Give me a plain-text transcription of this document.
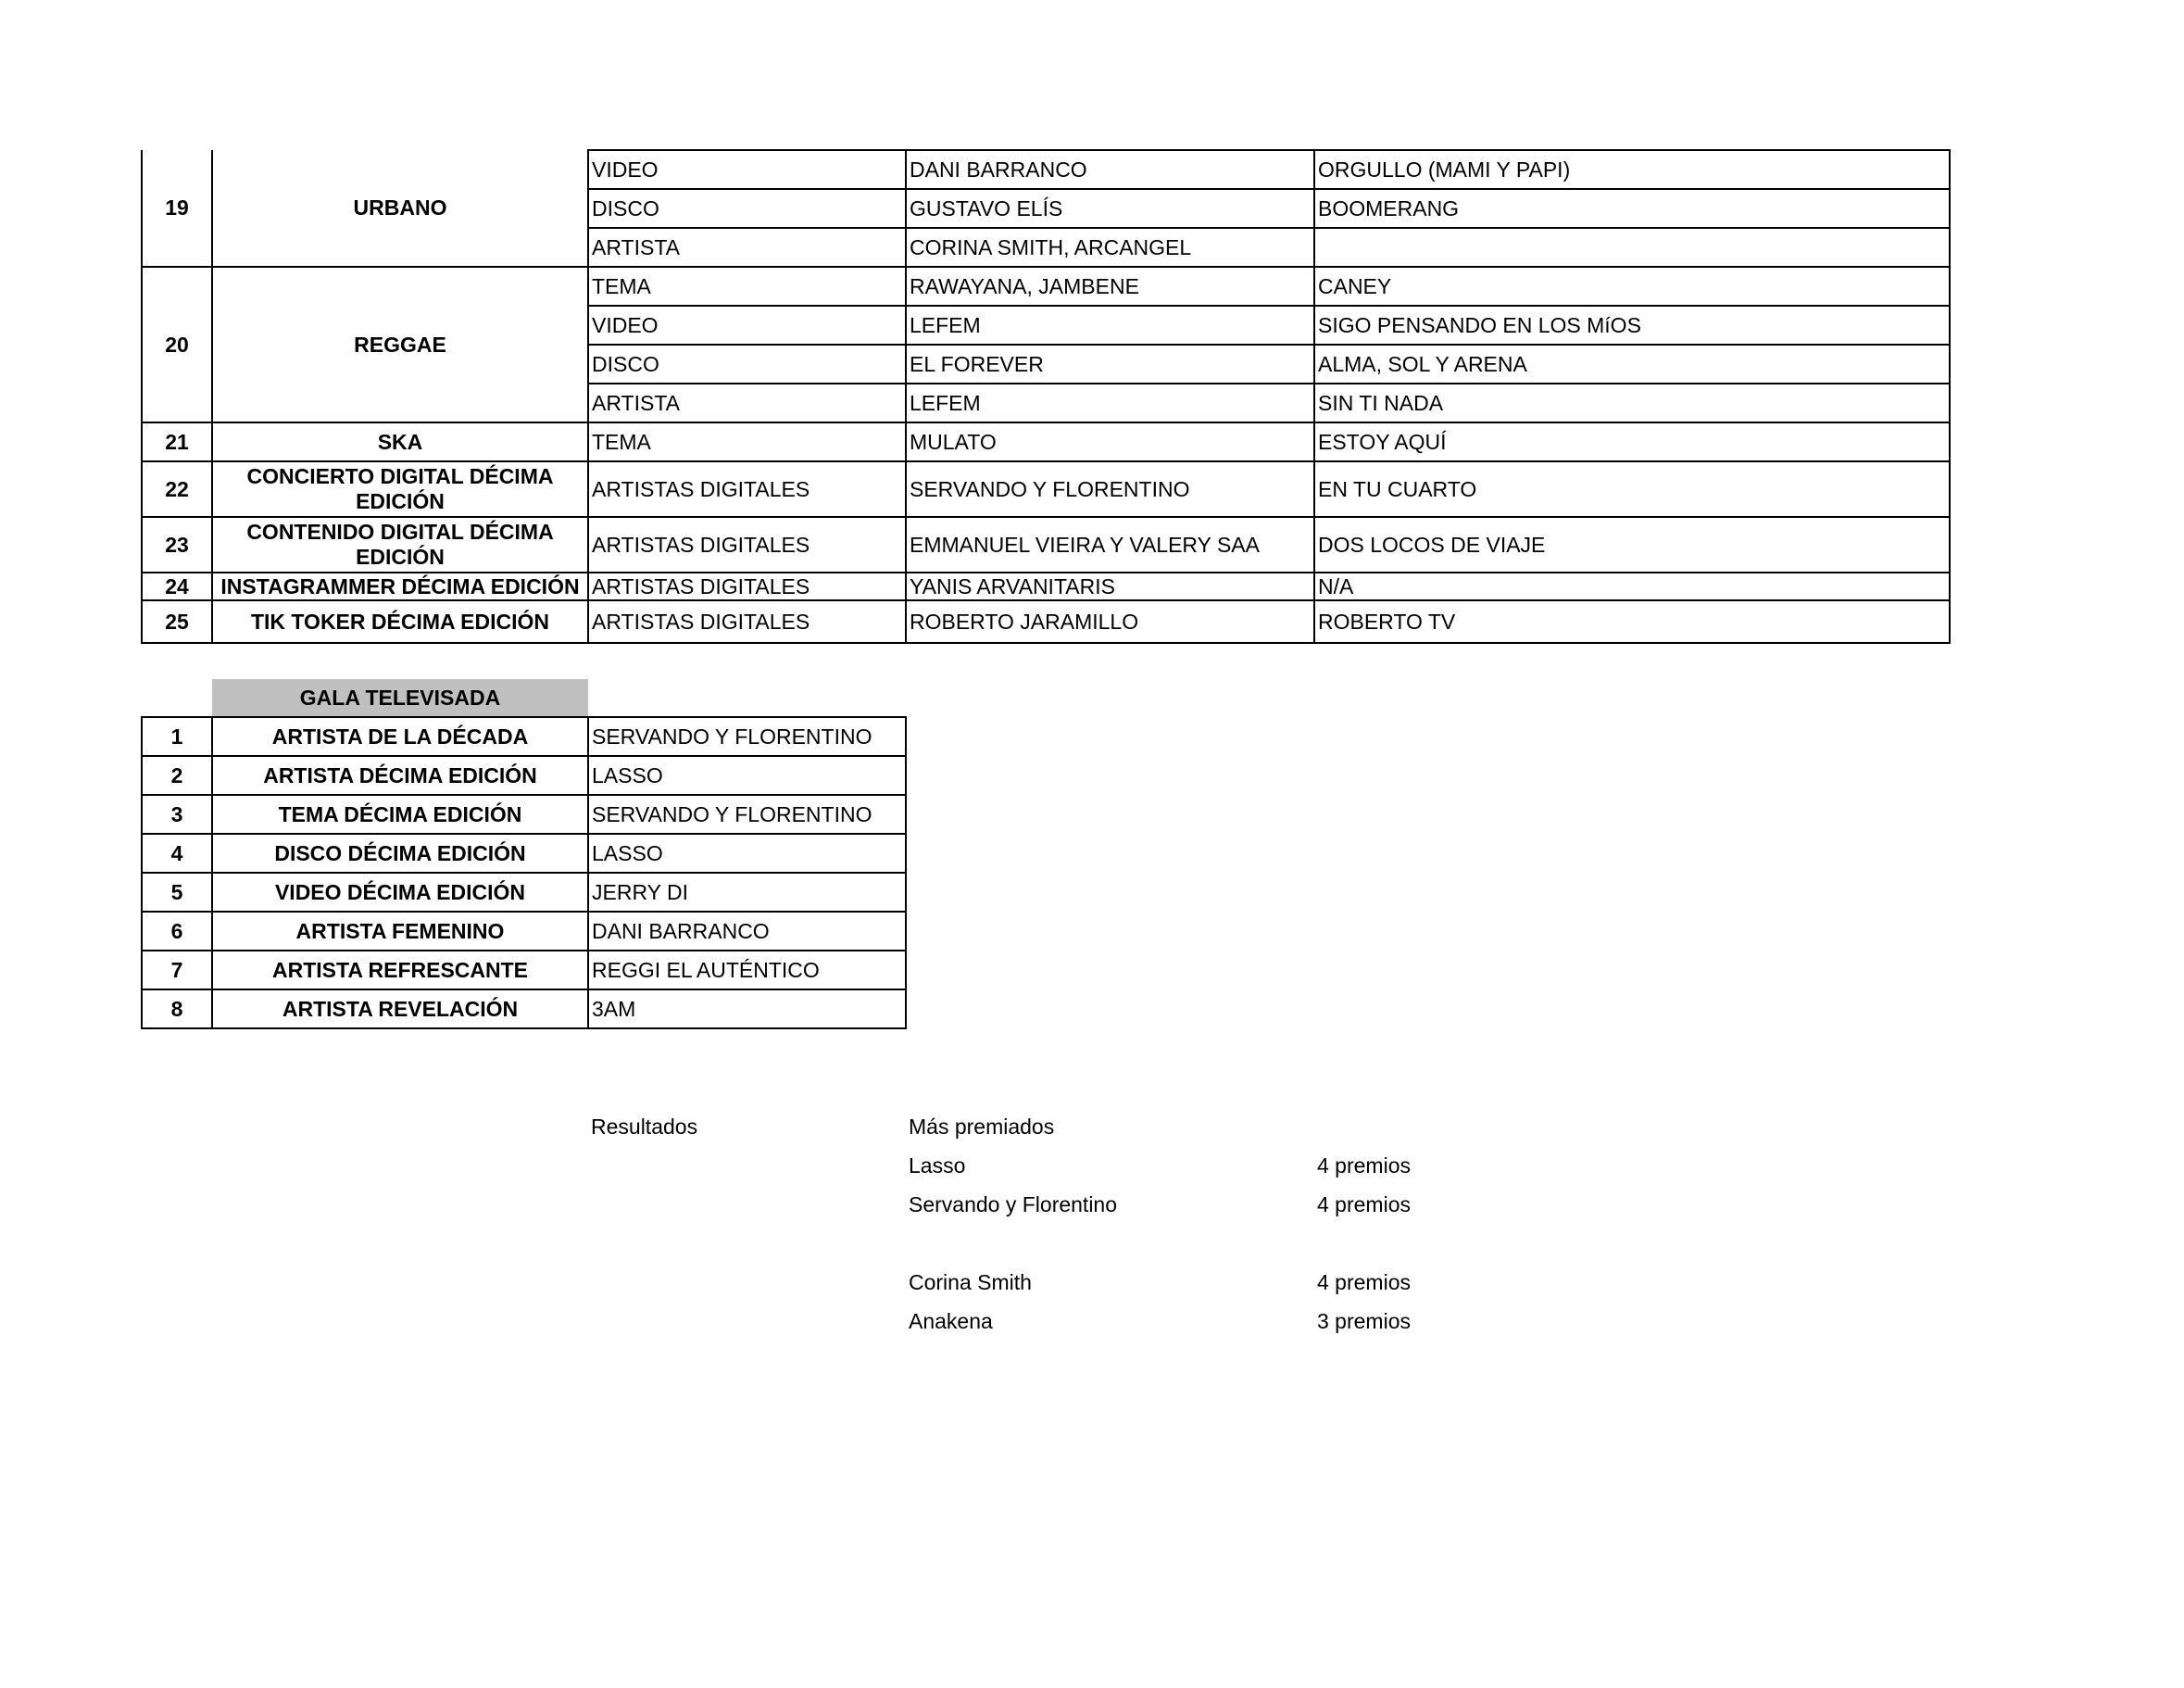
19	URBANO	VIDEO	DANI BARRANCO	ORGULLO (MAMI Y PAPI)
		DISCO	GUSTAVO ELÍS	BOOMERANG
		ARTISTA	CORINA SMITH, ARCANGEL	
20	REGGAE	TEMA	RAWAYANA, JAMBENE	CANEY
		VIDEO	LEFEM	SIGO PENSANDO EN LOS MíOS
		DISCO	EL FOREVER	ALMA, SOL Y ARENA
		ARTISTA	LEFEM	SIN TI NADA
21	SKA	TEMA	MULATO	ESTOY AQUÍ
22	CONCIERTO DIGITAL DÉCIMA EDICIÓN	ARTISTAS DIGITALES	SERVANDO Y FLORENTINO	EN TU CUARTO
23	CONTENIDO DIGITAL DÉCIMA EDICIÓN	ARTISTAS DIGITALES	EMMANUEL VIEIRA Y VALERY SAA	DOS LOCOS DE VIAJE
24	INSTAGRAMMER DÉCIMA EDICIÓN	ARTISTAS DIGITALES	YANIS ARVANITARIS	N/A
25	TIK TOKER DÉCIMA EDICIÓN	ARTISTAS DIGITALES	ROBERTO JARAMILLO	ROBERTO TV
	GALA TELEVISADA	
1	ARTISTA DE LA DÉCADA	SERVANDO Y FLORENTINO
2	ARTISTA DÉCIMA EDICIÓN	LASSO
3	TEMA DÉCIMA EDICIÓN	SERVANDO Y FLORENTINO
4	DISCO DÉCIMA EDICIÓN	LASSO
5	VIDEO DÉCIMA EDICIÓN	JERRY DI
6	ARTISTA FEMENINO	DANI BARRANCO
7	ARTISTA REFRESCANTE	REGGI EL AUTÉNTICO
8	ARTISTA REVELACIÓN	3AM
Resultados	Más premiados
Lasso	4 premios
Servando y Florentino	4 premios
Corina Smith	4 premios
Anakena	3 premios
